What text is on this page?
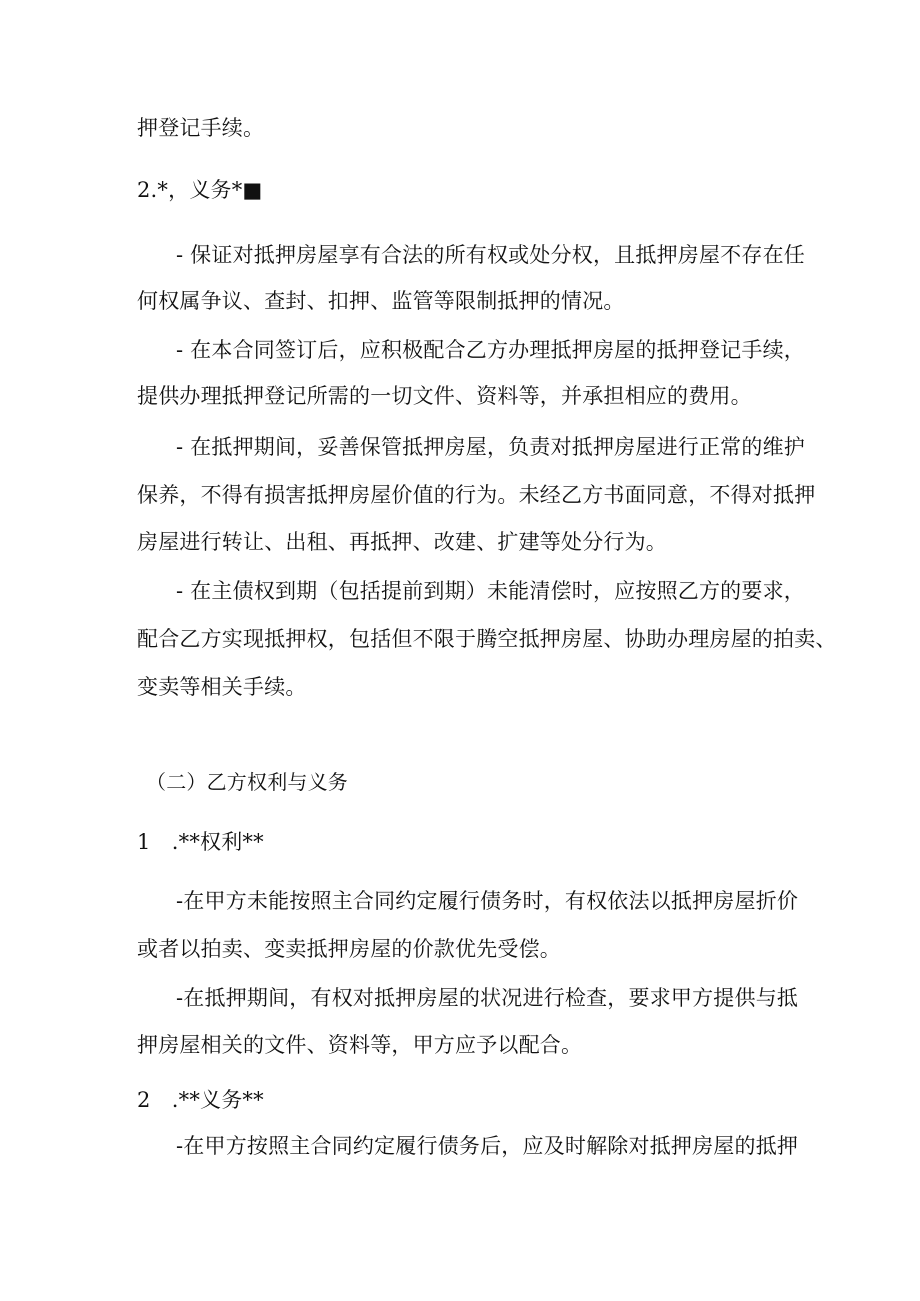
押登记手续。
2.*，义务*■
- 保证对抵押房屋享有合法的所有权或处分权，且抵押房屋不存在任
何权属争议、查封、扣押、监管等限制抵押的情况。
- 在本合同签订后，应积极配合乙方办理抵押房屋的抵押登记手续，
提供办理抵押登记所需的一切文件、资料等，并承担相应的费用。
- 在抵押期间，妥善保管抵押房屋，负责对抵押房屋进行正常的维护
保养，不得有损害抵押房屋价值的行为。未经乙方书面同意，不得对抵押
房屋进行转让、出租、再抵押、改建、扩建等处分行为。
- 在主债权到期（包括提前到期）未能清偿时，应按照乙方的要求，
配合乙方实现抵押权，包括但不限于腾空抵押房屋、协助办理房屋的拍卖、
变卖等相关手续。
（二）乙方权利与义务
1　.**权利**
-在甲方未能按照主合同约定履行债务时，有权依法以抵押房屋折价
或者以拍卖、变卖抵押房屋的价款优先受偿。
-在抵押期间，有权对抵押房屋的状况进行检查，要求甲方提供与抵
押房屋相关的文件、资料等，甲方应予以配合。
2　.**义务**
-在甲方按照主合同约定履行债务后，应及时解除对抵押房屋的抵押
